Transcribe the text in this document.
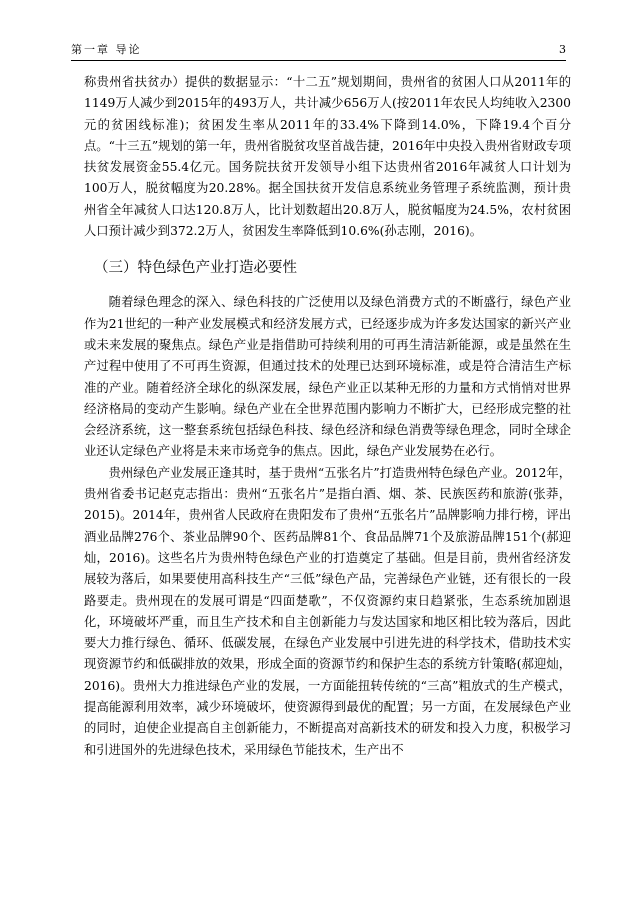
第一章 导论	3

称贵州省扶贫办）提供的数据显示：“十二五”规划期间，贵州省的贫困人口从2011年的1149万人减少到2015年的493万人，共计减少656万人(按2011年农民人均纯收入2300元的贫困线标准)；贫困发生率从2011年的33.4%下降到14.0%，下降19.4个百分点。“十三五”规划的第一年，贵州省脱贫攻坚首战告捷，2016年中央投入贵州省财政专项扶贫发展资金55.4亿元。国务院扶贫开发领导小组下达贵州省2016年减贫人口计划为100万人，脱贫幅度为20.28%。据全国扶贫开发信息系统业务管理子系统监测，预计贵州省全年减贫人口达120.8万人，比计划数超出20.8万人，脱贫幅度为24.5%，农村贫困人口预计减少到372.2万人，贫困发生率降低到10.6%(孙志刚，2016)。

（三）特色绿色产业打造必要性

随着绿色理念的深入、绿色科技的广泛使用以及绿色消费方式的不断盛行，绿色产业作为21世纪的一种产业发展模式和经济发展方式，已经逐步成为许多发达国家的新兴产业或未来发展的聚焦点。绿色产业是指借助可持续利用的可再生清洁新能源，或是虽然在生产过程中使用了不可再生资源，但通过技术的处理已达到环境标准，或是符合清洁生产标准的产业。随着经济全球化的纵深发展，绿色产业正以某种无形的力量和方式悄悄对世界经济格局的变动产生影响。绿色产业在全世界范围内影响力不断扩大，已经形成完整的社会经济系统，这一整套系统包括绿色科技、绿色经济和绿色消费等绿色理念，同时全球企业还认定绿色产业将是未来市场竞争的焦点。因此，绿色产业发展势在必行。

贵州绿色产业发展正逢其时，基于贵州“五张名片”打造贵州特色绿色产业。2012年，贵州省委书记赵克志指出：贵州“五张名片”是指白酒、烟、茶、民族医药和旅游(张莽，2015)。2014年，贵州省人民政府在贵阳发布了贵州“五张名片”品牌影响力排行榜，评出酒业品牌276个、茶业品牌90个、医药品牌81个、食品品牌71个及旅游品牌151个(郝迎灿，2016)。这些名片为贵州特色绿色产业的打造奠定了基础。但是目前，贵州省经济发展较为落后，如果要使用高科技生产“三低”绿色产品，完善绿色产业链，还有很长的一段路要走。贵州现在的发展可谓是“四面楚歌”，不仅资源约束日趋紧张，生态系统加剧退化，环境破坏严重，而且生产技术和自主创新能力与发达国家和地区相比较为落后，因此要大力推行绿色、循环、低碳发展，在绿色产业发展中引进先进的科学技术，借助技术实现资源节约和低碳排放的效果，形成全面的资源节约和保护生态的系统方针策略(郝迎灿，2016)。贵州大力推进绿色产业的发展，一方面能扭转传统的“三高”粗放式的生产模式，提高能源利用效率，减少环境破坏，使资源得到最优的配置；另一方面，在发展绿色产业的同时，迫使企业提高自主创新能力，不断提高对高新技术的研发和投入力度，积极学习和引进国外的先进绿色技术，采用绿色节能技术，生产出不
